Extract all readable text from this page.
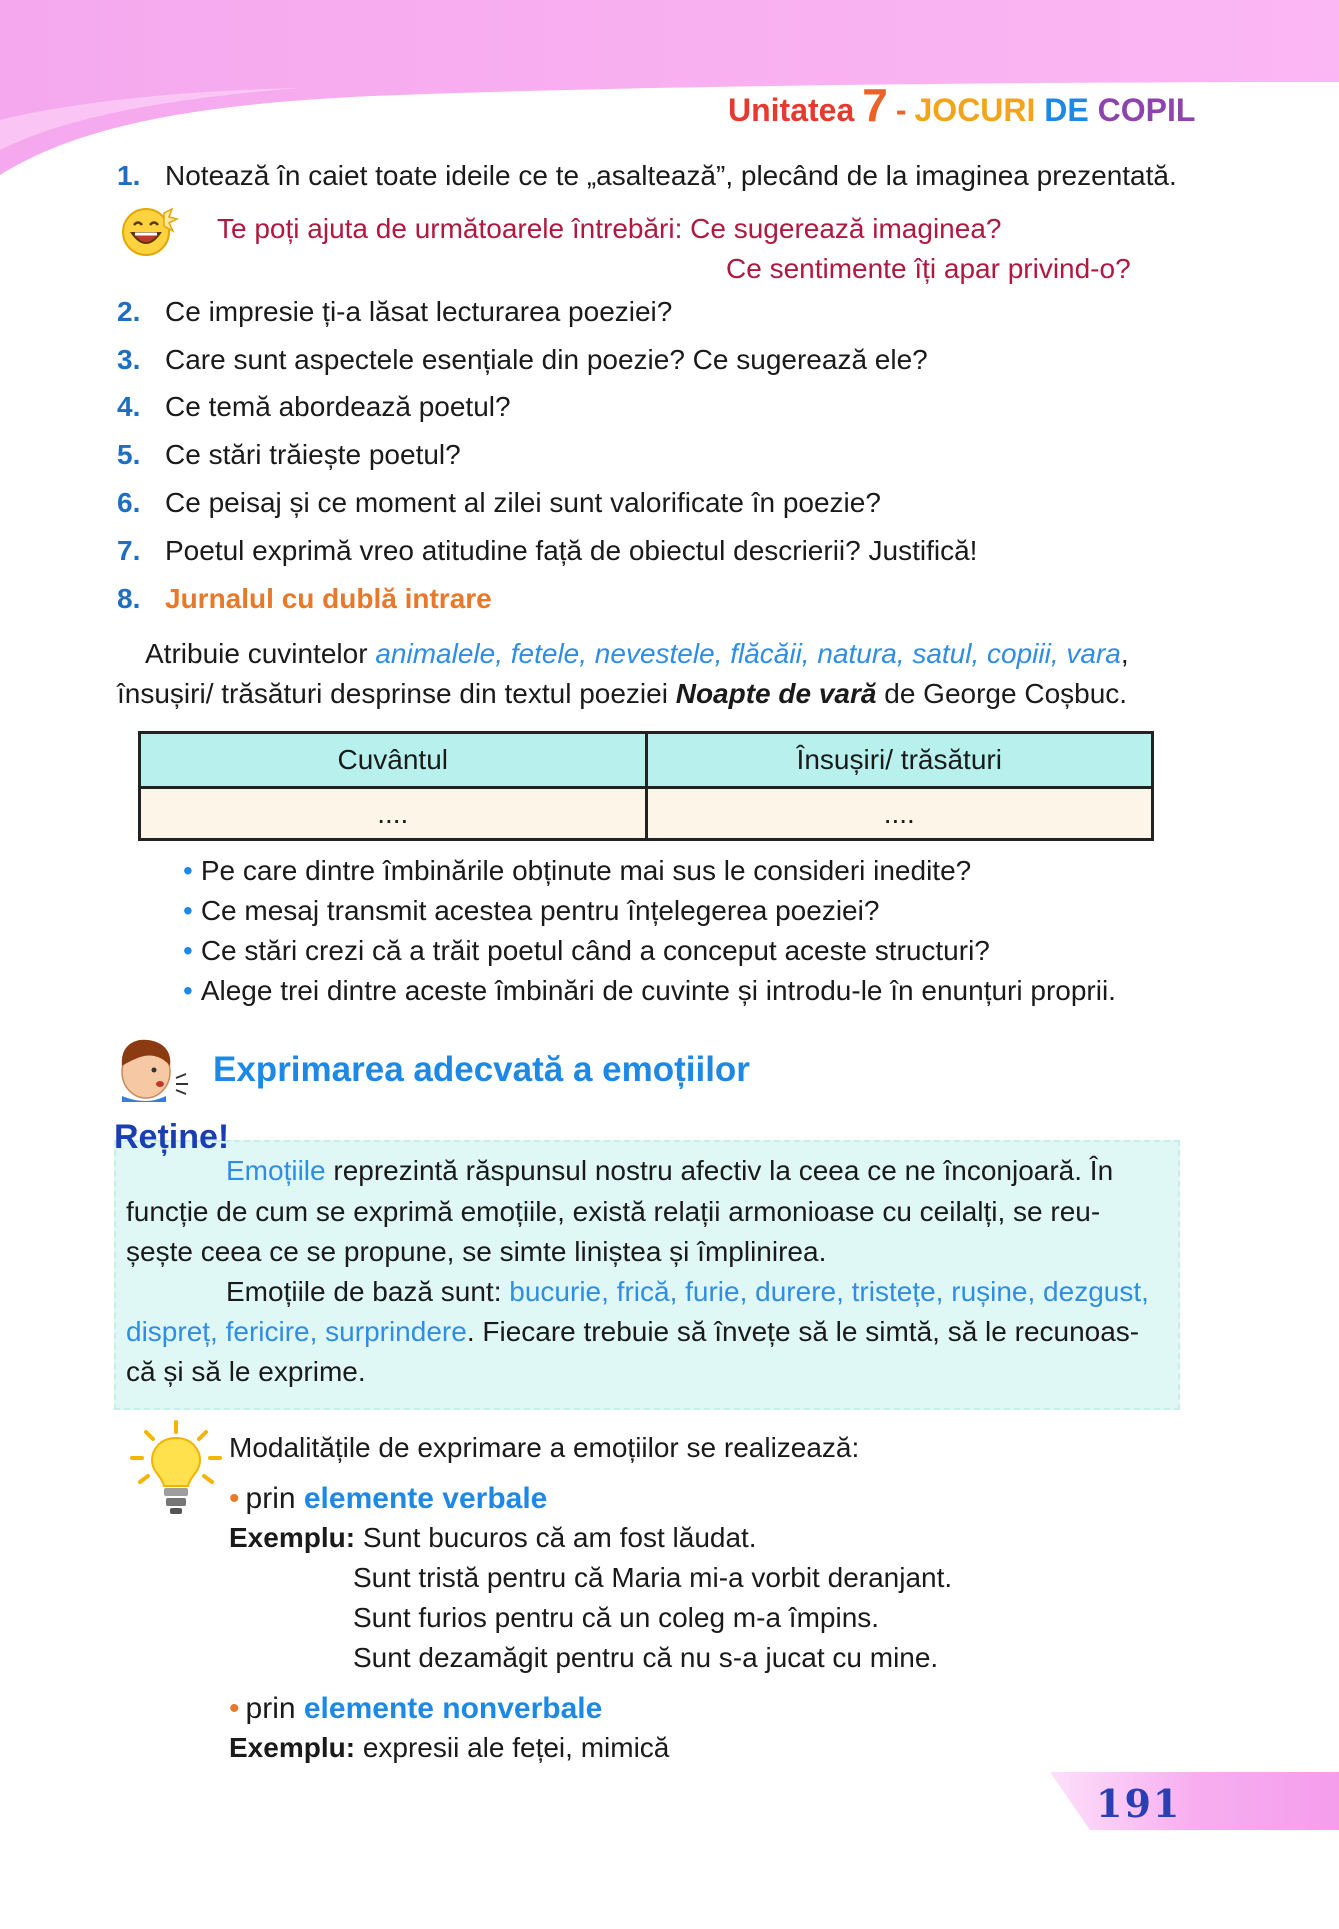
Unitatea 7 - JOCURI DE COPIL
1. Notează în caiet toate ideile ce te „asaltează”, plecând de la imaginea prezentată.
Te poți ajuta de următoarele întrebări: Ce sugerează imaginea?
Ce sentimente îți apar privind-o?
2. Ce impresie ți-a lăsat lecturarea poeziei?
3. Care sunt aspectele esențiale din poezie? Ce sugerează ele?
4. Ce temă abordează poetul?
5. Ce stări trăiește poetul?
6. Ce peisaj și ce moment al zilei sunt valorificate în poezie?
7. Poetul exprimă vreo atitudine față de obiectul descrierii? Justifică!
8. Jurnalul cu dublă intrare
Atribuie cuvintelor animalele, fetele, nevestele, flăcăii, natura, satul, copiii, vara,
însușiri/ trăsături desprinse din textul poeziei Noapte de vară de George Coșbuc.
Cuvântul	Însușiri/ trăsături
....	....
• Pe care dintre îmbinările obținute mai sus le consideri inedite?
• Ce mesaj transmit acestea pentru înțelegerea poeziei?
• Ce stări crezi că a trăit poetul când a conceput aceste structuri?
• Alege trei dintre aceste îmbinări de cuvinte și introdu-le în enunțuri proprii.
Exprimarea adecvată a emoțiilor
Reține!
Emoțiile reprezintă răspunsul nostru afectiv la ceea ce ne înconjoară. În
funcție de cum se exprimă emoțiile, există relații armonioase cu ceilalți, se reu-
șește ceea ce se propune, se simte liniștea și împlinirea.
Emoțiile de bază sunt: bucurie, frică, furie, durere, tristețe, rușine, dezgust,
dispreț, fericire, surprindere. Fiecare trebuie să învețe să le simtă, să le recunoas-
că și să le exprime.
Modalitățile de exprimare a emoțiilor se realizează:
• prin elemente verbale
Exemplu: Sunt bucuros că am fost lăudat.
Sunt tristă pentru că Maria mi-a vorbit deranjant.
Sunt furios pentru că un coleg m-a împins.
Sunt dezamăgit pentru că nu s-a jucat cu mine.
• prin elemente nonverbale
Exemplu: expresii ale feței, mimică
191
